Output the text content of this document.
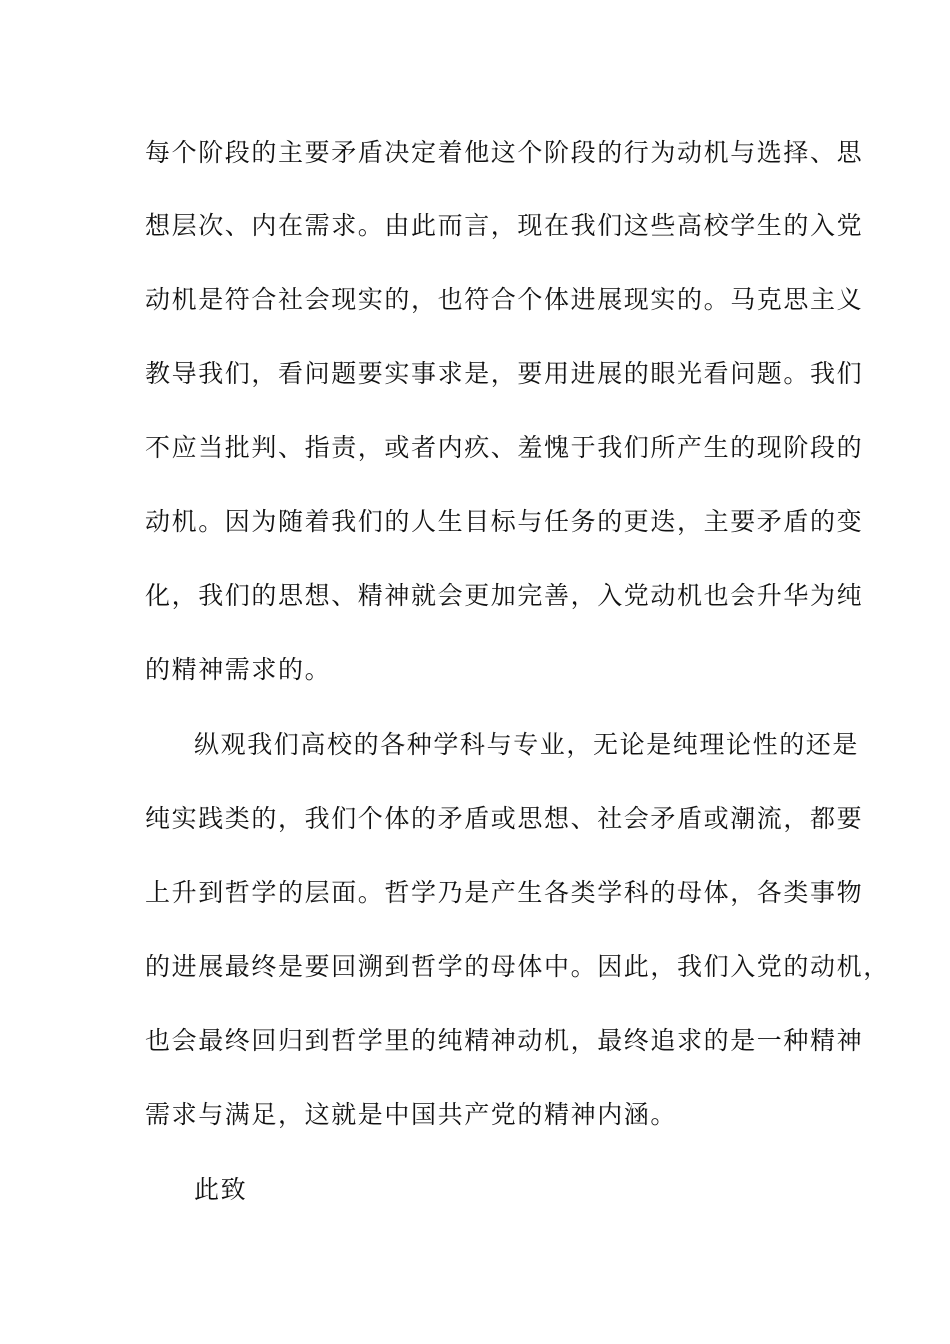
每个阶段的主要矛盾决定着他这个阶段的行为动机与选择、思
想层次、内在需求。由此而言，现在我们这些高校学生的入党
动机是符合社会现实的，也符合个体进展现实的。马克思主义
教导我们，看问题要实事求是，要用进展的眼光看问题。我们
不应当批判、指责，或者内疚、羞愧于我们所产生的现阶段的
动机。因为随着我们的人生目标与任务的更迭，主要矛盾的变
化，我们的思想、精神就会更加完善，入党动机也会升华为纯
的精神需求的。
纵观我们高校的各种学科与专业，无论是纯理论性的还是
纯实践类的，我们个体的矛盾或思想、社会矛盾或潮流，都要
上升到哲学的层面。哲学乃是产生各类学科的母体，各类事物
的进展最终是要回溯到哲学的母体中。因此，我们入党的动机，
也会最终回归到哲学里的纯精神动机，最终追求的是一种精神
需求与满足，这就是中国共产党的精神内涵。
此致
